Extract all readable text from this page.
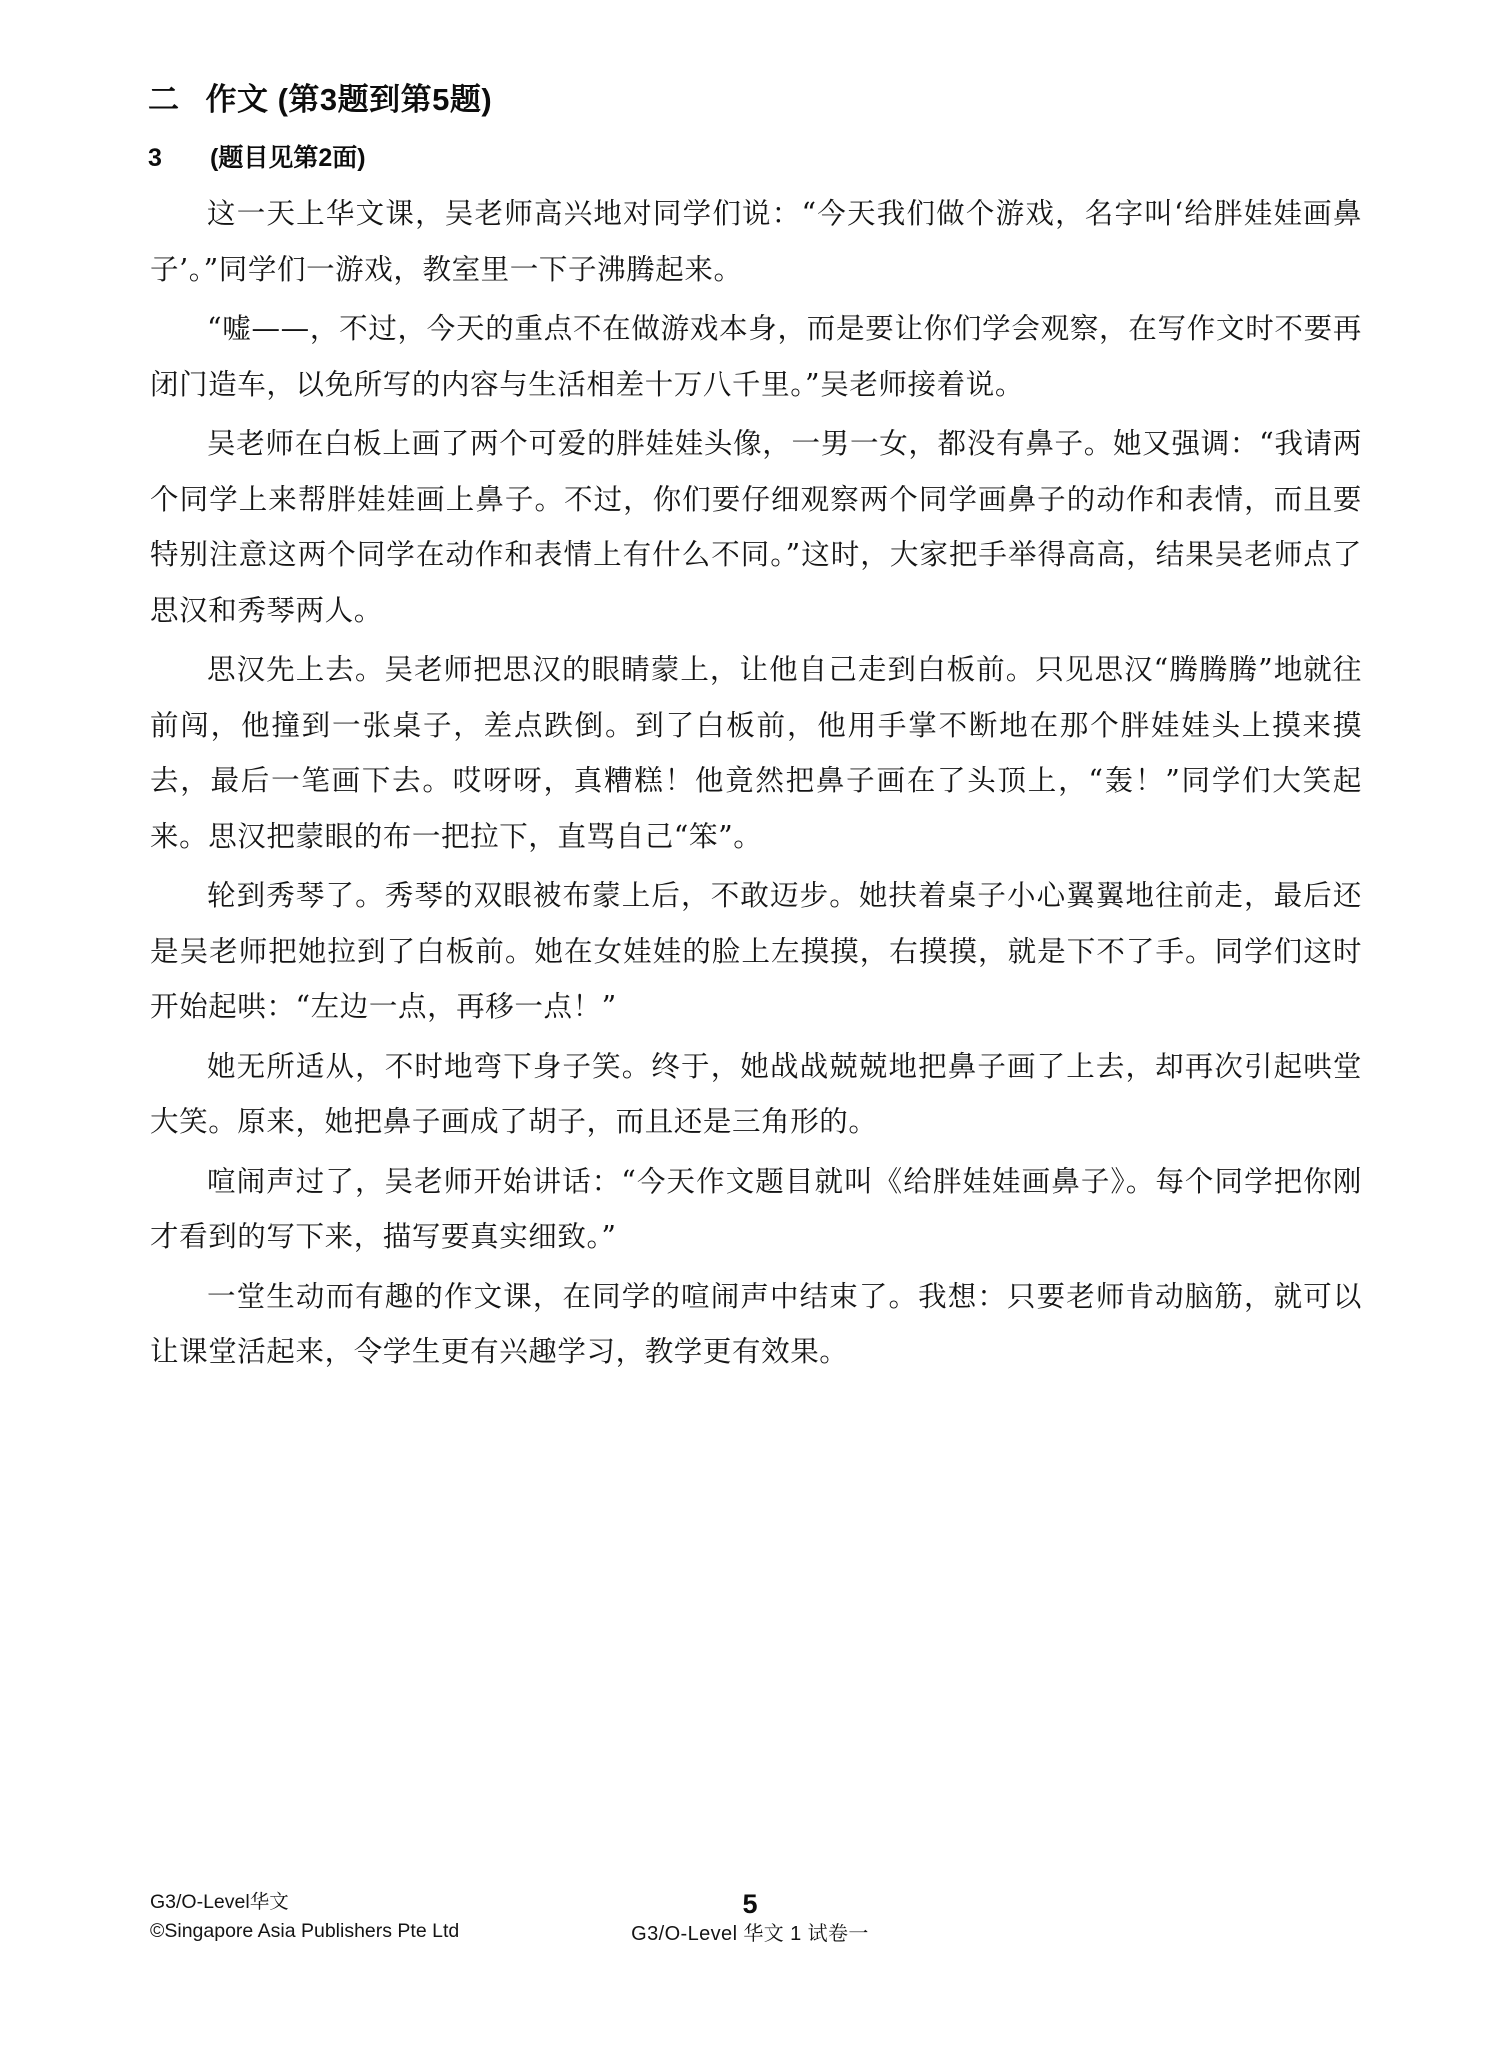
二 作文 (第3题到第5题)
3 (题目见第2面)

这一天上华文课，吴老师高兴地对同学们说：“今天我们做个游戏，名字叫‘给胖娃娃画鼻子’。”同学们一游戏，教室里一下子沸腾起来。

“嘘——，不过，今天的重点不在做游戏本身，而是要让你们学会观察，在写作文时不要再闭门造车，以免所写的内容与生活相差十万八千里。”吴老师接着说。

吴老师在白板上画了两个可爱的胖娃娃头像，一男一女，都没有鼻子。她又强调：“我请两个同学上来帮胖娃娃画上鼻子。不过，你们要仔细观察两个同学画鼻子的动作和表情，而且要特别注意这两个同学在动作和表情上有什么不同。”这时，大家把手举得高高，结果吴老师点了思汉和秀琴两人。

思汉先上去。吴老师把思汉的眼睛蒙上，让他自己走到白板前。只见思汉“腾腾腾”地就往前闯，他撞到一张桌子，差点跌倒。到了白板前，他用手掌不断地在那个胖娃娃头上摸来摸去，最后一笔画下去。哎呀呀，真糟糕！他竟然把鼻子画在了头顶上，“轰！”同学们大笑起来。思汉把蒙眼的布一把拉下，直骂自己“笨”。

轮到秀琴了。秀琴的双眼被布蒙上后，不敢迈步。她扶着桌子小心翼翼地往前走，最后还是吴老师把她拉到了白板前。她在女娃娃的脸上左摸摸，右摸摸，就是下不了手。同学们这时开始起哄：“左边一点，再移一点！”

她无所适从，不时地弯下身子笑。终于，她战战兢兢地把鼻子画了上去，却再次引起哄堂大笑。原来，她把鼻子画成了胡子，而且还是三角形的。

喧闹声过了，吴老师开始讲话：“今天作文题目就叫《给胖娃娃画鼻子》。每个同学把你刚才看到的写下来，描写要真实细致。”

一堂生动而有趣的作文课，在同学的喧闹声中结束了。我想：只要老师肯动脑筋，就可以让课堂活起来，令学生更有兴趣学习，教学更有效果。

G3/O-Level华文
©Singapore Asia Publishers Pte Ltd
5
G3/O-Level 华文 1 试卷一
